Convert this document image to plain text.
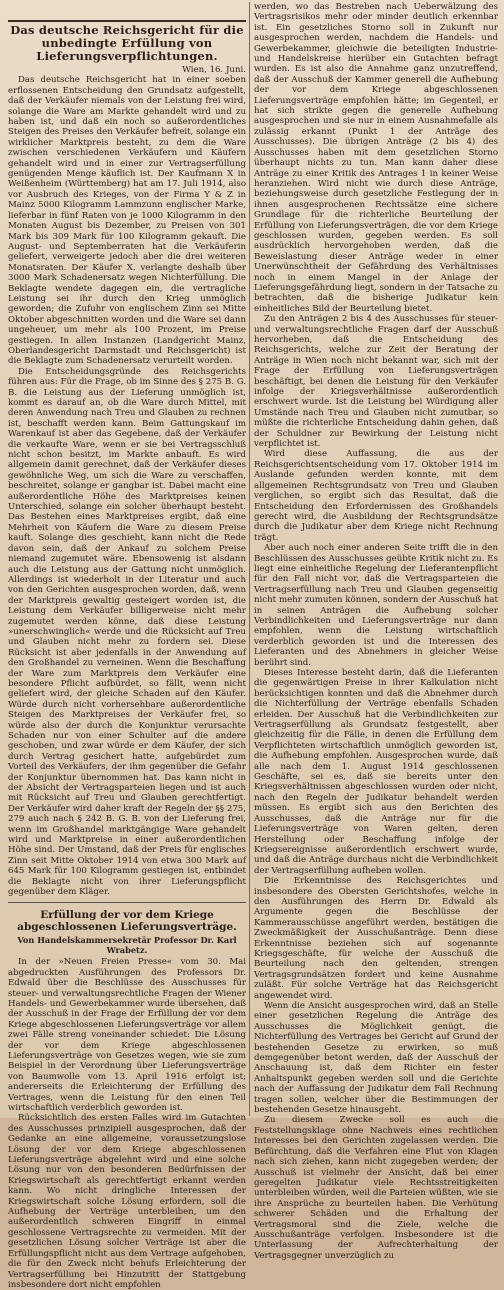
Das deutsche Reichsgericht für die unbedingte Erfüllung von Lieferungsverpflichtungen.
Wien, 16. Juni.

Das deutsche Reichsgericht hat in einer soeben erflossenen Entscheidung den Grundsatz aufgestellt, daß der Verkäufer niemals von der Leistung frei wird, solange die Ware am Markte gehandelt wird und zu haben ist, und daß ein noch so außerordentliches Steigen des Preises den Verkäufer befreit, solange ein wirklicher Marktpreis besteht, zu dem die Ware zwischen verschiedenen Verkäufern und Käufern gehandelt wird und in einer zur Vertragserfüllung genügenden Menge käuflich ist. Der Kaufmann X in Weißenheim (Württemberg) hat am 17. Juli 1914, also vor Ausbruch des Krieges, von der Firma Y & Z in Mainz 5000 Kilogramm Lammzunn englischer Marke, lieferbar in fünf Raten von je 1000 Kilogramm in den Monaten August bis Dezember, zu Preisen von 301 Mark bis 309 Mark für 100 Kilogramm gekauft. Die August- und Septemberraten hat die Verkäuferin geliefert, verweigerte jedoch aber die drei weiteren Monatsraten. Der Käufer X. verlangte deshalb über 3000 Mark Schadenersatz wegen Nichterfüllung. Die Beklagte wendete dagegen ein, die vertragliche Leistung sei ihr durch den Krieg unmöglich geworden; die Zufuhr von englischem Zinn sei Mitte Oktober abgeschnitten worden und die Ware sei dann ungeheuer, um mehr als 100 Prozent, im Preise gestiegen. In allen Instanzen (Landgericht Mainz, Oberlandesgericht Darmstadt und Reichsgericht) ist die Beklagte zum Schadenersatz verurteilt worden.

Die Entscheidungsgründe des Reichsgerichts führen aus: Für die Frage, ob im Sinne des § 275 B. G. B. die Leistung aus der Lieferung unmöglich ist, kommt es darauf an, ob die Ware durch Mittel, mit deren Anwendung nach Treu und Glauben zu rechnen ist, beschafft werden kann. Beim Gattungskauf im Warenkauf ist aber das Gegebene, daß der Verkäufer die verkaufte Ware, wenn er sie bei Vertragsschluß nicht schon besitzt, im Markte anbauft. Es wird allgemein damit gerechnet, daß der Verkäufer dieses gewöhnliche Weg, um sich die Ware zu verschaffen, beschreitet, solange er gangbar ist. Dabei macht eine außerordentliche Höhe des Marktpreises keinen Unterschied, solange ein solcher überhaupt besteht. Das Bestehen eines Marktpreises ergibt, daß eine Mehrheit von Käufern die Ware zu diesem Preise kauft. Solange dies geschieht, kann nicht die Rede davon sein, daß der Ankauf zu solchem Preise niemand zugemutet wäre. Ebensowenig ist alsdann auch die Leistung aus der Gattung nicht unmöglich. Allerdings ist wiederholt in der Literatur und auch von den Gerichten ausgesprochen worden, daß, wenn der Marktpreis gewaltig gesteigert worden ist, die Leistung dem Verkäufer billigerweise nicht mehr zugemutet werden könne, daß diese Leistung »unerschwinglich« werde und die Rücksicht auf Treu und Glauben nicht mehr zu fordern sei. Diese Rücksicht ist aber jedenfalls in der Anwendung auf den Großhandel zu verneinen. Wenn die Beschaffung der Ware zum Marktpreis dem Verkäufer eine besondere Pflicht aufbürdet, so fällt, wenn nicht geliefert wird, der gleiche Schaden auf den Käufer. Würde durch nicht vorhersehbare außerordentliche Steigen des Marktpreises der Verkäufer frei, so würde also der durch die Konjunktur verursachte Schaden nur von einer Schulter auf die andere geschoben, und zwar würde er dem Käufer, der sich durch Vertrag gesichert hatte, aufgebürdet zum Vorteil des Verkäufers, der ihm gegenüber die Gefahr der Konjunktur übernommen hat. Das kann nicht in der Absicht der Vertragsparteien liegen und ist auch mit Rücksicht auf Treu und Glauben gerechtfertigt. Der Verkäufer wird daher kraft der Regeln der §§ 275, 279 auch nach § 242 B. G. B. von der Lieferung frei, wenn im Großhandel marktgängige Ware gehandelt wird und Marktpreise in einer außerordentlichen Höhe sind. Der Umstand, daß der Preis für englisches Zinn seit Mitte Oktober 1914 von etwa 300 Mark auf 645 Mark für 100 Kilogramm gestiegen ist, entbindet die Beklagte nicht von ihrer Lieferungspflicht gegenüber dem Kläger.

Erfüllung der vor dem Kriege abgeschlossenen Lieferungsverträge.
Von Handelskammersekretär Professor Dr. Karl Wrabetz.

In der »Neuen Freien Presse« vom 30. Mai abgedruckten Ausführungen des Professors Dr. Edwald über die Beschlüsse des Ausschusses für steuer- und verwaltungsrechtliche Fragen der Wiener Handels- und Gewerbekammer wurde übersehen, daß der Ausschuß in der Frage der Erfüllung der vor dem Kriege abgeschlossenen Lieferungsverträge vor allem zwei Fälle streng voneinander schiedet: Die Lösung der vor dem Kriege abgeschlossenen Lieferungsverträge von Gesetzes wegen, wie sie zum Beispiel in der Verordnung über Lieferungsverträge von Baumwolle vom 13. April 1916 erfolgt ist; andererseits die Erleichterung der Erfüllung des Vertrages, wenn die Leistung für den einen Teil wirtschaftlich verderblich geworden ist.

Rücksichtlich des ersten Falles wird im Gutachten des Ausschusses prinzipiell ausgesprochen, daß der Gedanke an eine allgemeine, voraussetzungslose Lösung der vor dem Kriege abgeschlossenen Lieferungsverträge abgelehnt wird und eine solche Lösung nur von den besonderen Bedürfnissen der Kriegswirtschaft als gerechtfertigt erkannt werden kann. Wo nicht dringliche Interessen der Kriegswirtschaft solche Lösung erfordern, soll die Aufhebung der Verträge unterbleiben, um den außerordentlich schweren Eingriff in einmal geschlossene Vertragsrechte zu vermeiden. Mit der gesetzlichen Lösung solcher Verträge ist aber die Erfüllungspflicht nicht aus dem Vertrage aufgehoben, die für den Zweck nicht behufs Erleichterung der Vertragserfüllung bei Hinzutritt der Stattgebung insbesondere dort nicht empfohlen

werden, wo das Bestreben nach Ueberwälzung des Vertragsrisikos mehr oder minder deutlich erkennbar ist. Ein gesetzliches Storno soll in Zukunft nur ausgesprochen werden, nachdem die Handels- und Gewerbekammer, gleichwie die beteiligten Industrie- und Handelskreise hierüber ein Gutachten befragt wurden. Es ist also die Annahme ganz unzutreffend, daß der Ausschuß der Kammer generell die Aufhebung der vor dem Kriege abgeschlossenen Lieferungsverträge empfohlen hätte; im Gegenteil, er hat sich strikte gegen die generelle Aufhebung ausgesprochen und sie nur in einem Ausnahmefalle als zulässig erkannt (Punkt 1 der Anträge des Ausschusses). Die übrigen Anträge (2 bis 4) des Ausschusses haben mit dem gesetzlichen Storno überhaupt nichts zu tun. Man kann daher diese Anträge zu einer Kritik des Antrages 1 in keiner Weise heranziehen. Wird nicht wie durch diese Anträge, beziehungsweise durch gesetzliche Festlegung der in ihnen ausgesprochenen Rechtssätze eine sichere Grundlage für die richterliche Beurteilung der Erfüllung von Lieferungsverträgen, die vor dem Kriege geschlossen wurden, gegeben werden. Es soll ausdrücklich hervorgehoben werden, daß die Beweislastung dieser Anträge weder in einer Unerwünschtheit der Gefährdung des Verhältnisses noch in einem Mangel in der Anlage der Lieferungsgefährdung liegt, sondern in der Tatsache zu betrachten, daß die bisherige Judikatur kein einheitliches Bild der Beurteilung bietet.

Zu den Anträgen 2 bis 4 des Ausschusses für steuer- und verwaltungsrechtliche Fragen darf der Ausschuß hervorheben, daß die Entscheidung des Reichsgerichts, welche zur Zeit der Beratung der Anträge in Wien noch nicht bekannt war, sich mit der Frage der Erfüllung von Lieferungsverträgen beschäftigt, bei denen die Leistung für den Verkäufer infolge der Kriegsverhältnisse außerordentlich erschwert wurde. Ist die Leistung bei Würdigung aller Umstände nach Treu und Glauben nicht zumutbar, so müßte die richterliche Entscheidung dahin gehen, daß der Schuldner zur Bewirkung der Leistung nicht verpflichtet ist.

Wird diese Auffassung, die aus der Reichsgerichtsentscheidung vom 17. Oktober 1914 im Auslande gefunden werden konnte, mit dem allgemeinen Rechtsgrundsatz von Treu und Glauben verglichen, so ergibt sich das Resultat, daß die Entscheidung den Erfordernissen des Großhandels gerecht wird, die Ausbildung der Rechtsgrundsätze durch die Judikatur aber dem Kriege nicht Rechnung trägt.

Aber auch noch einer anderen Seite trifft die in den Beschlüssen des Ausschusses geübte Kritik nicht zu. Es liegt eine einheitliche Regelung der Lieferantenpflicht für den Fall nicht vor, daß die Vertragsparteien die Vertragserfüllung nach Treu und Glauben gegenseitig nicht mehr zumuten können, sondern der Ausschuß hat in seinen Anträgen die Aufhebung solcher Verbindlichkeiten und Lieferungsverträge nur dann empfohlen, wenn die Leistung wirtschaftlich verderblich geworden ist und die Interessen des Lieferanten und des Abnehmers in gleicher Weise berührt sind.

Dieses Interesse besteht darin, daß die Lieferanten die gegenwärtigen Preise in ihrer Kalkulation nicht berücksichtigen konnten und daß die Abnehmer durch die Nichterfüllung der Verträge ebenfalls Schaden erleiden. Der Ausschuß hat die Verbindlichkeiten zur Vertragserfüllung als Grundsatz festgestellt, aber gleichzeitig für die Fälle, in denen die Erfüllung dem Verpflichteten wirtschaftlich unmöglich geworden ist, die Aufhebung empfohlen. Ausgesprochen wurde, daß alle nach dem 1. August 1914 geschlossenen Geschäfte, sei es, daß sie bereits unter den Kriegsverhältnissen abgeschlossen wurden oder nicht, nach den Regeln der Judikatur behandelt werden müssen. Es ergibt sich aus den Berichten des Ausschusses, daß die Anträge nur für die Lieferungsverträge von Waren gelten, deren Herstellung oder Beschaffung infolge der Kriegsereignisse außerordentlich erschwert wurde, und daß die Anträge durchaus nicht die Verbindlichkeit der Vertragserfüllung aufheben wollen.

Die Erkenntnisse des Reichsgerichtes und insbesondere des Obersten Gerichtshofes, welche in den Ausführungen des Herrn Dr. Edwald als Argumente gegen die Beschlüsse der Kammerausschüsse angeführt werden, bestätigen die Zweckmäßigkeit der Ausschußanträge. Denn diese Erkenntnisse beziehen sich auf sogenannte Kriegsgeschäfte, für welche der Ausschuß die Beurteilung nach den geltenden, strengen Vertragsgrundsätzen fordert und keine Ausnahme zuläßt. Für solche Verträge hat das Reichsgericht angewendet wird.

Wenn die Ansicht ausgesprochen wird, daß an Stelle einer gesetzlichen Regelung die Anträge des Ausschusses die Möglichkeit genügt, die Nichterfüllung des Vertrages bei Gericht auf Grund der bestehenden Gesetze zu erwirken, so muß demgegenüber betont werden, daß der Ausschuß der Anschauung ist, daß dem Richter ein fester Anhaltspunkt gegeben werden soll und die Gerichte nach der Auffassung der Judikatur dem Fall Rechnung tragen sollen, welcher über die Bestimmungen der bestehenden Gesetze hinausgeht.

Zu diesem Zwecke soll es auch die Feststellungsklage ohne Nachweis eines rechtlichen Interesses bei den Gerichten zugelassen werden. Die Befürchtung, daß die Verfahren eine Flut von Klagen nach sich ziehen, kann nicht zugegeben werden; der Ausschuß ist vielmehr der Ansicht, daß bei einer geregelten Judikatur viele Rechtsstreitigkeiten unterbleiben würden, weil die Parteien wüßten, wie sie ihre Ansprüche zu beurteilen haben. Die Verhütung schwerer Schäden und die Erhaltung der Vertragsmoral sind die Ziele, welche die Ausschußanträge verfolgen. Insbesondere ist die Unterlassung der Aufrechterhaltung der Vertragsgegner unverzüglich zu
